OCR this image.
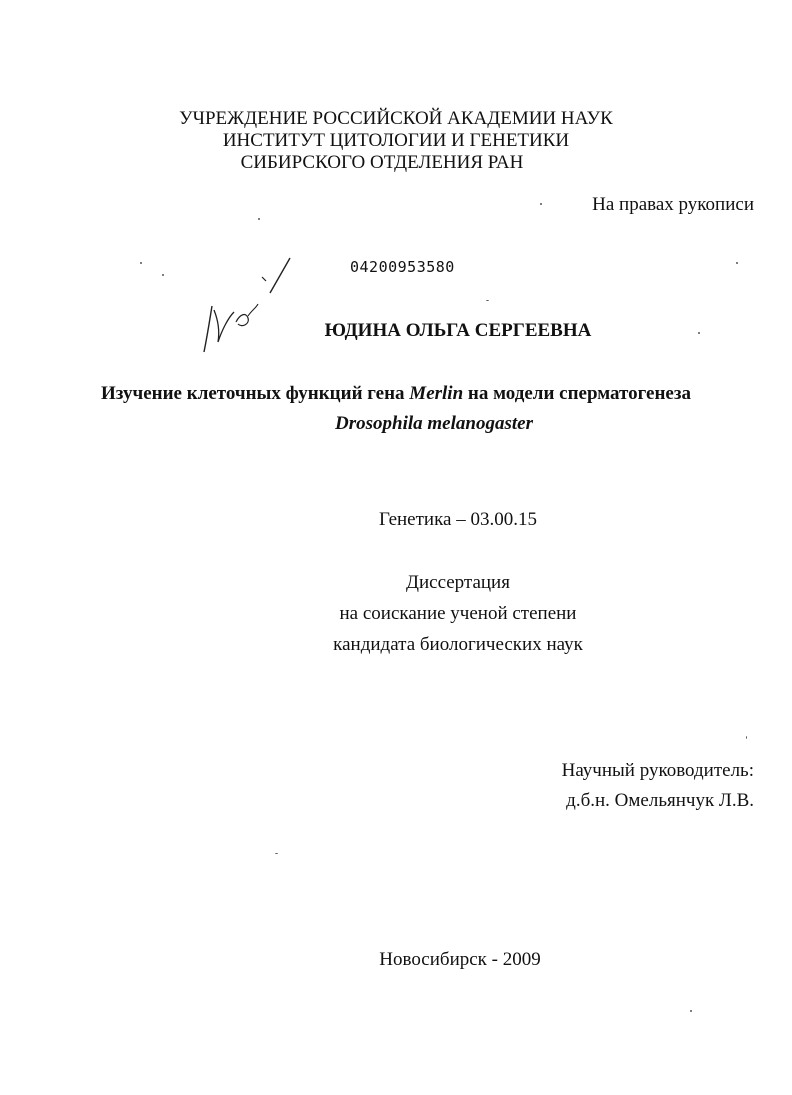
УЧРЕЖДЕНИЕ РОССИЙСКОЙ АКАДЕМИИ НАУК
ИНСТИТУТ ЦИТОЛОГИИ И ГЕНЕТИКИ
СИБИРСКОГО ОТДЕЛЕНИЯ РАН
На правах рукописи
04200953580
ЮДИНА ОЛЬГА СЕРГЕЕВНА
Изучение клеточных функций гена Merlin на модели сперматогенеза
Drosophila melanogaster
Генетика – 03.00.15
Диссертация
на соискание ученой степени
кандидата биологических наук
Научный руководитель:
д.б.н. Омельянчук Л.В.
Новосибирск - 2009
